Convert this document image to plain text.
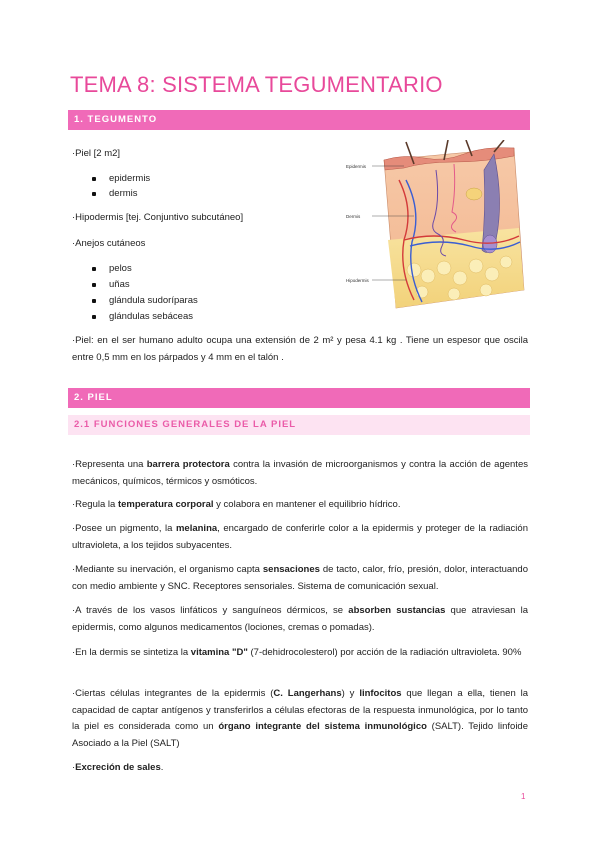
TEMA 8: SISTEMA TEGUMENTARIO
1. TEGUMENTO
·Piel [2 m2]
epidermis
dermis
·Hipodermis [tej. Conjuntivo subcutáneo]
·Anejos cutáneos
pelos
uñas
glándula sudoríparas
glándulas sebáceas
·Piel: en el ser humano adulto ocupa una extensión de 2 m² y pesa 4.1 kg . Tiene un espesor que oscila entre 0,5 mm en los párpados y 4 mm en el talón .
Epidermis
Dermis
Hipodermis
2. PIEL
2.1 FUNCIONES GENERALES DE LA PIEL
·Representa una barrera protectora contra la invasión de microorganismos y contra la acción de agentes mecánicos, químicos, térmicos y osmóticos.
·Regula la temperatura corporal y colabora en mantener el equilibrio hídrico.
·Posee un pigmento, la melanina, encargado de conferirle color a la epidermis y proteger de la radiación ultravioleta, a los tejidos subyacentes.
·Mediante su inervación, el organismo capta sensaciones de tacto, calor, frío, presión, dolor, interactuando con medio ambiente y SNC. Receptores sensoriales. Sistema de comunicación sexual.
·A través de los vasos linfáticos y sanguíneos dérmicos, se absorben sustancias que atraviesan la epidermis, como algunos medicamentos (lociones, cremas o pomadas).
·En la dermis se sintetiza la vitamina "D" (7-dehidrocolesterol) por acción de la radiación ultravioleta. 90%
·Ciertas células integrantes de la epidermis (C. Langerhans) y linfocitos que llegan a ella, tienen la capacidad de captar antígenos y transferirlos a células efectoras de la respuesta inmunológica, por lo tanto la piel es considerada como un órgano integrante del sistema inmunológico (SALT). Tejido linfoide Asociado a la Piel (SALT)
·Excreción de sales.
1
